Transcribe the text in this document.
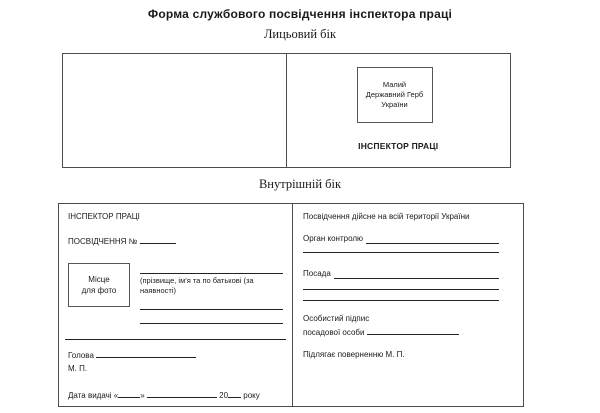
Форма службового посвідчення інспектора праці
Лицьовий бік
Малий
Державний Герб
України
ІНСПЕКТОР ПРАЦІ
Внутрішній бік
ІНСПЕКТОР ПРАЦІ
ПОСВІДЧЕННЯ №
Місце
для фото
(прізвище, ім'я та по батькові (за наявності)
Голова
М. П.
Дата видачі «	»	20 року
Посвідчення дійсне на всій території України
Орган контролю
Посада
Особистий підпис
посадової особи
Підлягає поверненню М. П.
